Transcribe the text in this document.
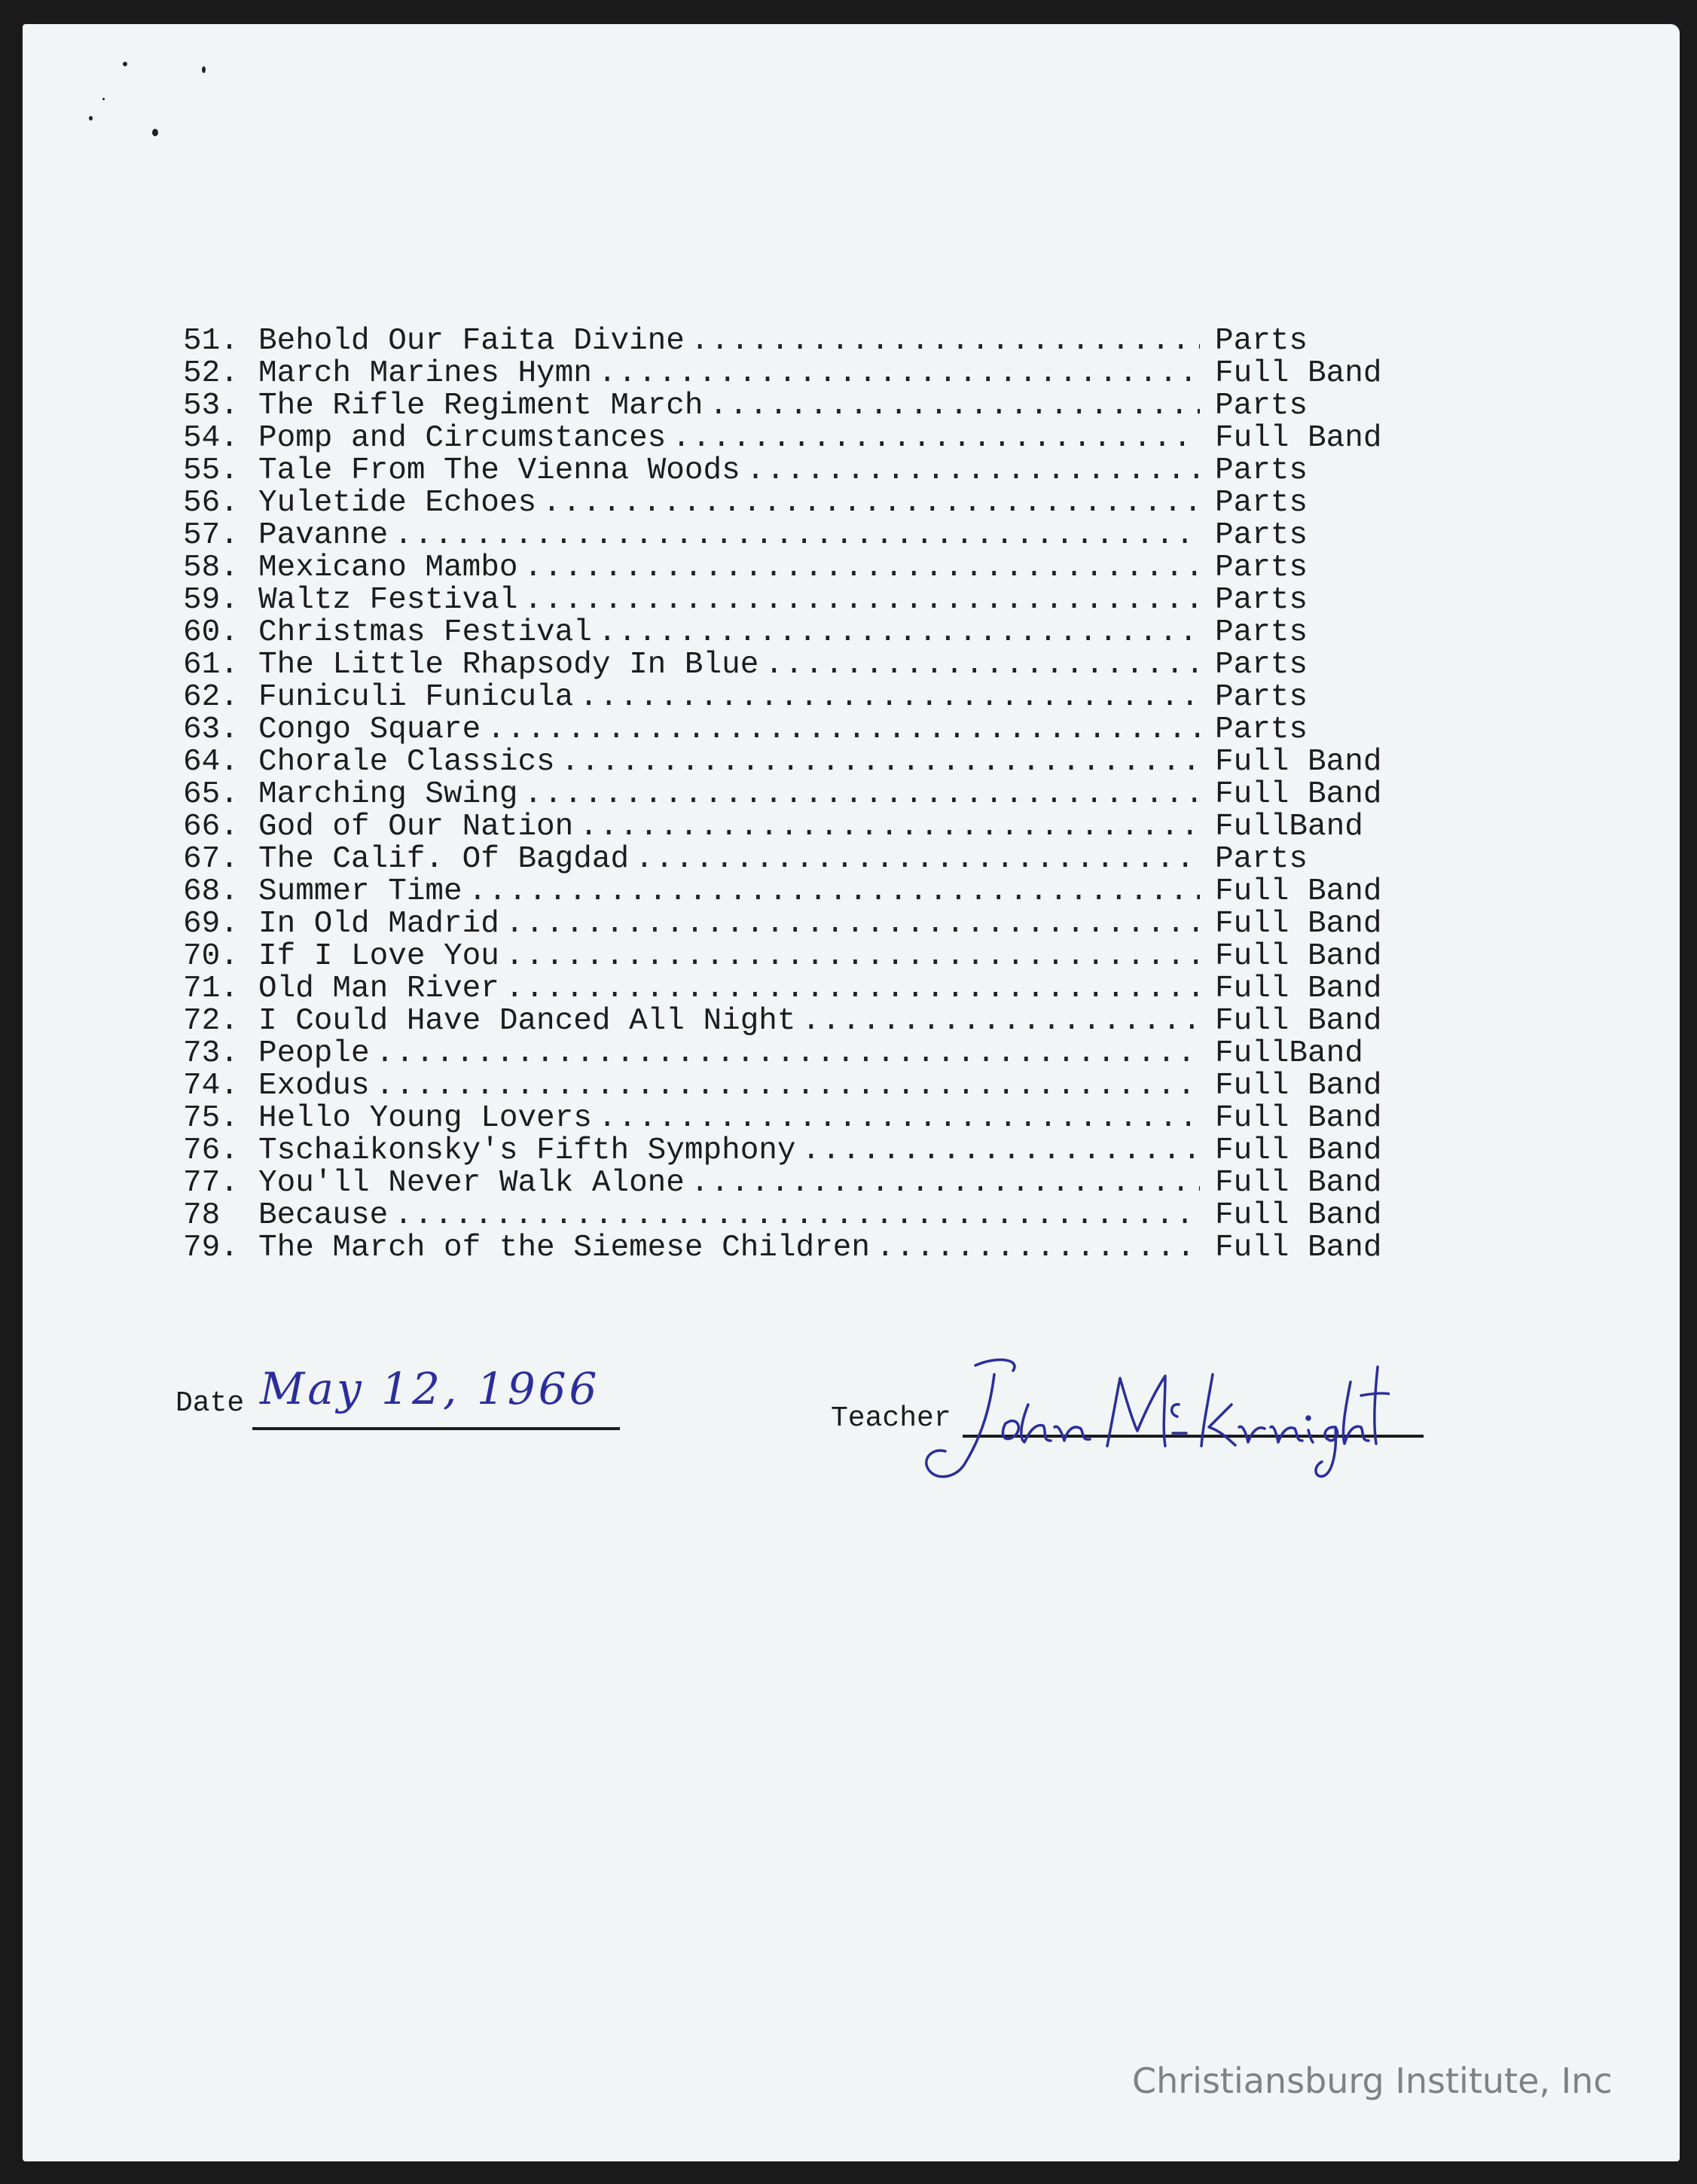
51. Behold Our Faita Divine .....	Parts
52. March Marines Hymn .....	Full Band
53. The Rifle Regiment March .....	Parts
54. Pomp and Circumstances .....	Full Band
55. Tale From The Vienna Woods .....	Parts
56. Yuletide Echoes .....	Parts
57. Pavanne .....	Parts
58. Mexicano Mambo .....	Parts
59. Waltz Festival .....	Parts
60. Christmas Festival .....	Parts
61. The Little Rhapsody In Blue .....	Parts
62. Funiculi Funicula .....	Parts
63. Congo Square .....	Parts
64. Chorale Classics .....	Full Band
65. Marching Swing .....	Full Band
66. God of Our Nation .....	FullBand
67. The Calif. Of Bagdad .....	Parts
68. Summer Time .....	Full Band
69. In Old Madrid .....	Full Band
70. If I Love You .....	Full Band
71. Old Man River .....	Full Band
72. I Could Have Danced All Night .....	Full Band
73. People .....	FullBand
74. Exodus .....	Full Band
75. Hello Young Lovers .....	Full Band
76. Tschaikonsky's Fifth Symphony .....	Full Band
77. You'll Never Walk Alone .....	Full Band
78	Because .....	Full Band
79. The March of the Siemese Children .....	Full Band
Date May 12, 1966
Teacher
Christiansburg Institute, Inc
